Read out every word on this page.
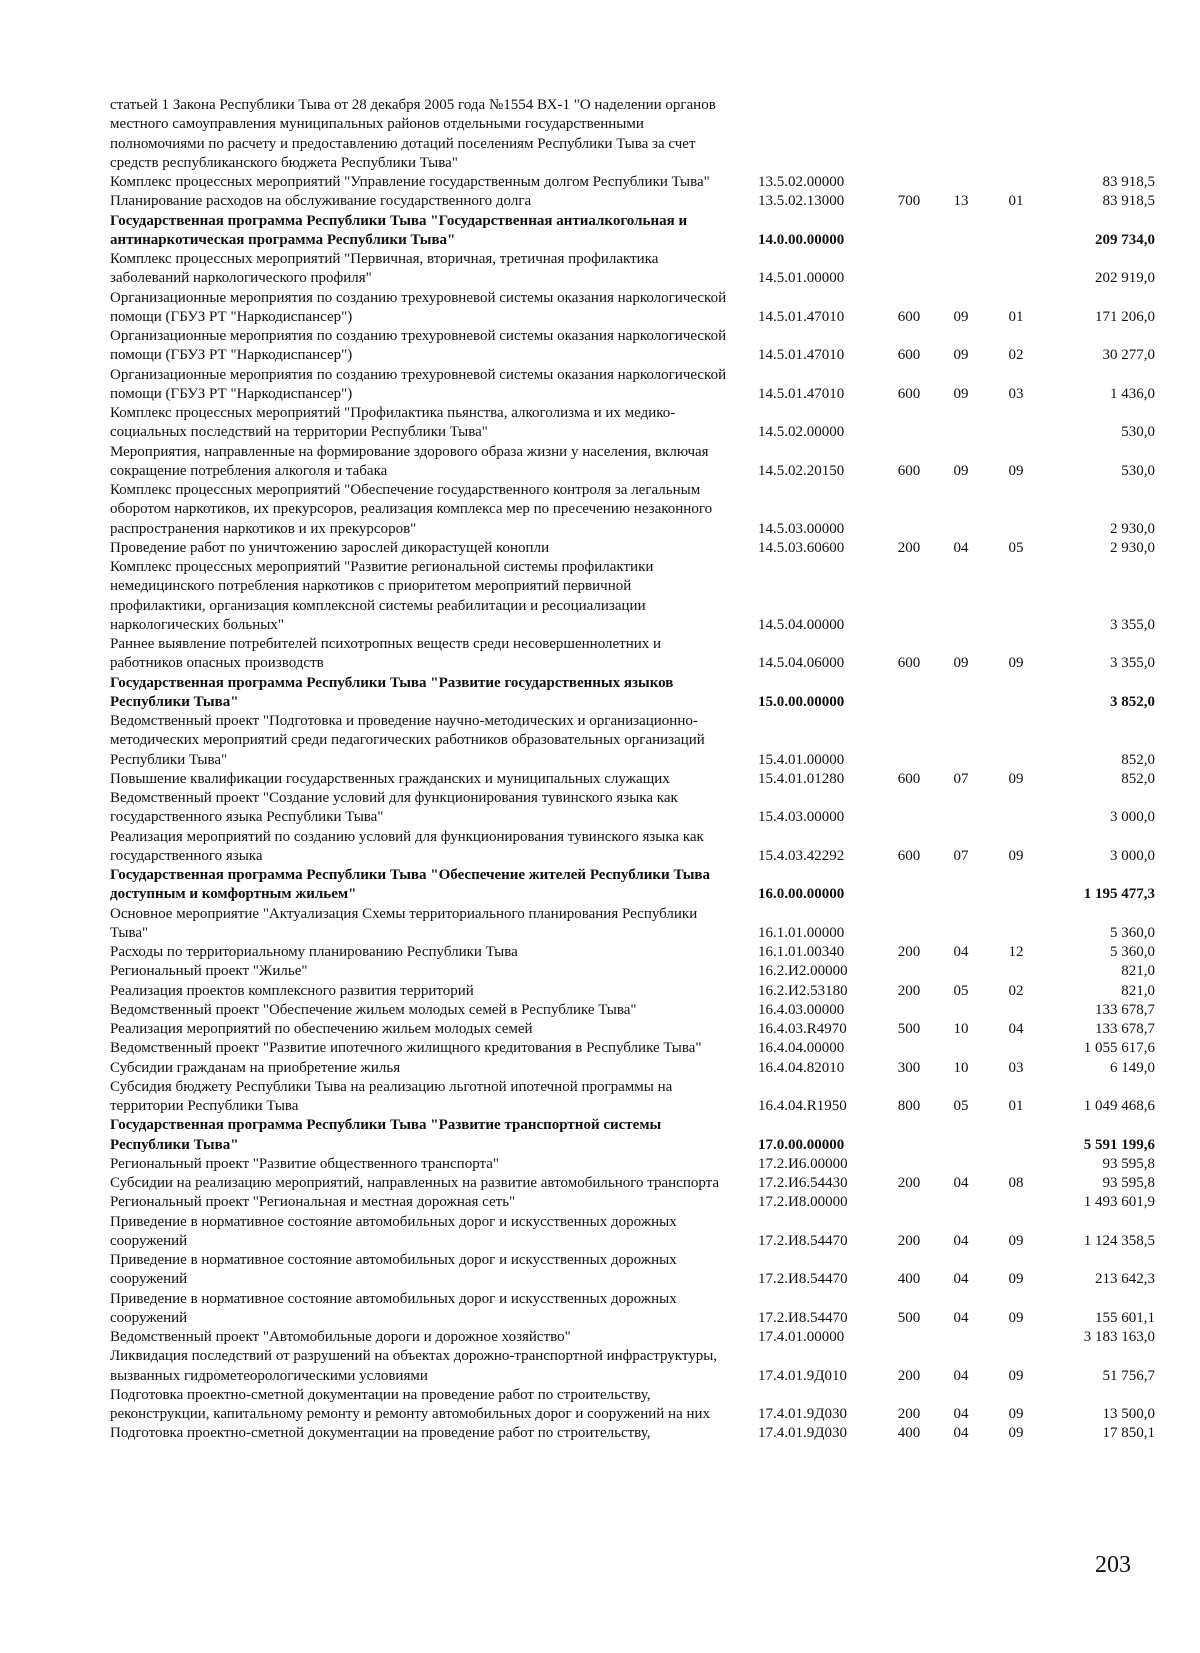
статьей 1 Закона Республики Тыва от 28 декабря 2005 года №1554 ВХ-1 "О наделении органов местного самоуправления муниципальных районов отдельными государственными полномочиями по расчету и предоставлению дотаций поселениям Республики Тыва за счет средств республиканского бюджета Республики Тыва"					
Комплекс процессных мероприятий "Управление государственным долгом Республики Тыва"	13.5.02.00000				83 918,5
Планирование расходов на обслуживание государственного долга	13.5.02.13000	700	13	01	83 918,5
Государственная программа Республики Тыва "Государственная антиалкогольная и антинаркотическая программа Республики Тыва"	14.0.00.00000				209 734,0
Комплекс процессных мероприятий "Первичная, вторичная, третичная профилактика заболеваний наркологического профиля"	14.5.01.00000				202 919,0
Организационные мероприятия по созданию трехуровневой системы оказания наркологической помощи (ГБУЗ РТ "Наркодиспансер")	14.5.01.47010	600	09	01	171 206,0
Организационные мероприятия по созданию трехуровневой системы оказания наркологической помощи (ГБУЗ РТ "Наркодиспансер")	14.5.01.47010	600	09	02	30 277,0
Организационные мероприятия по созданию трехуровневой системы оказания наркологической помощи (ГБУЗ РТ "Наркодиспансер")	14.5.01.47010	600	09	03	1 436,0
Комплекс процессных мероприятий "Профилактика пьянства, алкоголизма и их медико-социальных последствий на территории Республики Тыва"	14.5.02.00000				530,0
Мероприятия, направленные на формирование здорового образа жизни у населения, включая сокращение потребления алкоголя и табака	14.5.02.20150	600	09	09	530,0
Комплекс процессных мероприятий "Обеспечение государственного контроля за легальным оборотом наркотиков, их прекурсоров, реализация комплекса мер по пресечению незаконного распространения наркотиков и их прекурсоров"	14.5.03.00000				2 930,0
Проведение работ по уничтожению зарослей дикорастущей конопли	14.5.03.60600	200	04	05	2 930,0
Комплекс процессных мероприятий "Развитие региональной системы профилактики немедицинского потребления наркотиков с приоритетом мероприятий первичной профилактики, организация комплексной системы реабилитации и ресоциализации наркологических больных"	14.5.04.00000				3 355,0
Раннее выявление потребителей психотропных веществ среди несовершеннолетних и работников опасных производств	14.5.04.06000	600	09	09	3 355,0
Государственная программа Республики Тыва "Развитие государственных языков Республики Тыва"	15.0.00.00000				3 852,0
Ведомственный проект "Подготовка и проведение научно-методических и организационно-методических мероприятий среди педагогических работников образовательных организаций Республики Тыва"	15.4.01.00000				852,0
Повышение квалификации государственных гражданских и муниципальных служащих	15.4.01.01280	600	07	09	852,0
Ведомственный проект "Создание условий для функционирования тувинского языка как государственного языка Республики Тыва"	15.4.03.00000				3 000,0
Реализация мероприятий по созданию условий для функционирования тувинского языка как государственного языка	15.4.03.42292	600	07	09	3 000,0
Государственная программа Республики Тыва "Обеспечение жителей Республики Тыва доступным и комфортным жильем"	16.0.00.00000				1 195 477,3
Основное мероприятие "Актуализация Схемы территориального планирования Республики Тыва"	16.1.01.00000				5 360,0
Расходы по территориальному планированию Республики Тыва	16.1.01.00340	200	04	12	5 360,0
Региональный проект "Жилье"	16.2.И2.00000				821,0
Реализация проектов комплексного развития территорий	16.2.И2.53180	200	05	02	821,0
Ведомственный проект "Обеспечение жильем молодых семей в Республике Тыва"	16.4.03.00000				133 678,7
Реализация мероприятий по обеспечению жильем молодых семей	16.4.03.R4970	500	10	04	133 678,7
Ведомственный проект "Развитие ипотечного жилищного кредитования в Республике Тыва"	16.4.04.00000				1 055 617,6
Субсидии гражданам на приобретение жилья	16.4.04.82010	300	10	03	6 149,0
Субсидия бюджету Республики Тыва на реализацию льготной ипотечной программы на территории Республики Тыва	16.4.04.R1950	800	05	01	1 049 468,6
Государственная программа Республики Тыва "Развитие транспортной системы Республики Тыва"	17.0.00.00000				5 591 199,6
Региональный проект "Развитие общественного транспорта"	17.2.И6.00000				93 595,8
Субсидии на реализацию мероприятий, направленных на развитие автомобильного транспорта	17.2.И6.54430	200	04	08	93 595,8
Региональный проект "Региональная и местная дорожная сеть"	17.2.И8.00000				1 493 601,9
Приведение в нормативное состояние автомобильных дорог и искусственных дорожных сооружений	17.2.И8.54470	200	04	09	1 124 358,5
Приведение в нормативное состояние автомобильных дорог и искусственных дорожных сооружений	17.2.И8.54470	400	04	09	213 642,3
Приведение в нормативное состояние автомобильных дорог и искусственных дорожных сооружений	17.2.И8.54470	500	04	09	155 601,1
Ведомственный проект "Автомобильные дороги и дорожное хозяйство"	17.4.01.00000				3 183 163,0
Ликвидация последствий от разрушений на объектах дорожно-транспортной инфраструктуры, вызванных гидрометеорологическими условиями	17.4.01.9Д010	200	04	09	51 756,7
Подготовка проектно-сметной документации на проведение работ по строительству, реконструкции, капитальному ремонту и ремонту автомобильных дорог и сооружений на них	17.4.01.9Д030	200	04	09	13 500,0
Подготовка проектно-сметной документации на проведение работ по строительству,	17.4.01.9Д030	400	04	09	17 850,1
203
